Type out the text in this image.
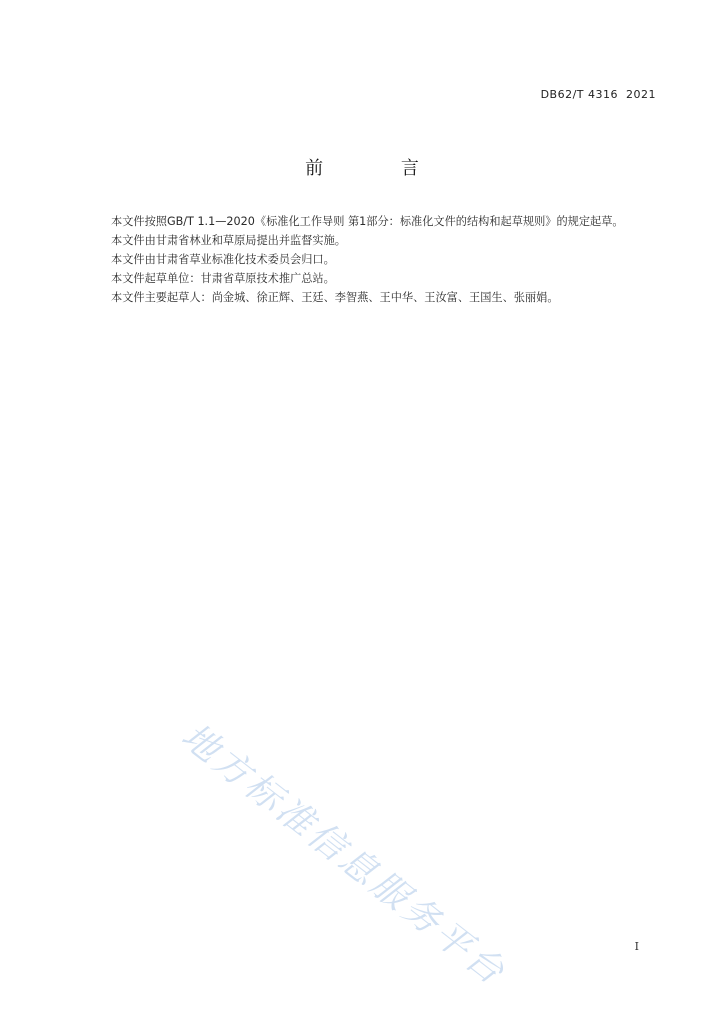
DB62/T 4316  2021
前 言

本文件按照GB/T 1.1—2020《标准化工作导则 第1部分：标准化文件的结构和起草规则》的规定起草。

本文件由甘肃省林业和草原局提出并监督实施。

本文件由甘肃省草业标准化技术委员会归口。

本文件起草单位：甘肃省草原技术推广总站。

本文件主要起草人：尚金城、徐正辉、王廷、李智燕、王中华、王汝富、王国生、张丽娟。

地方标准信息服务平台	I
